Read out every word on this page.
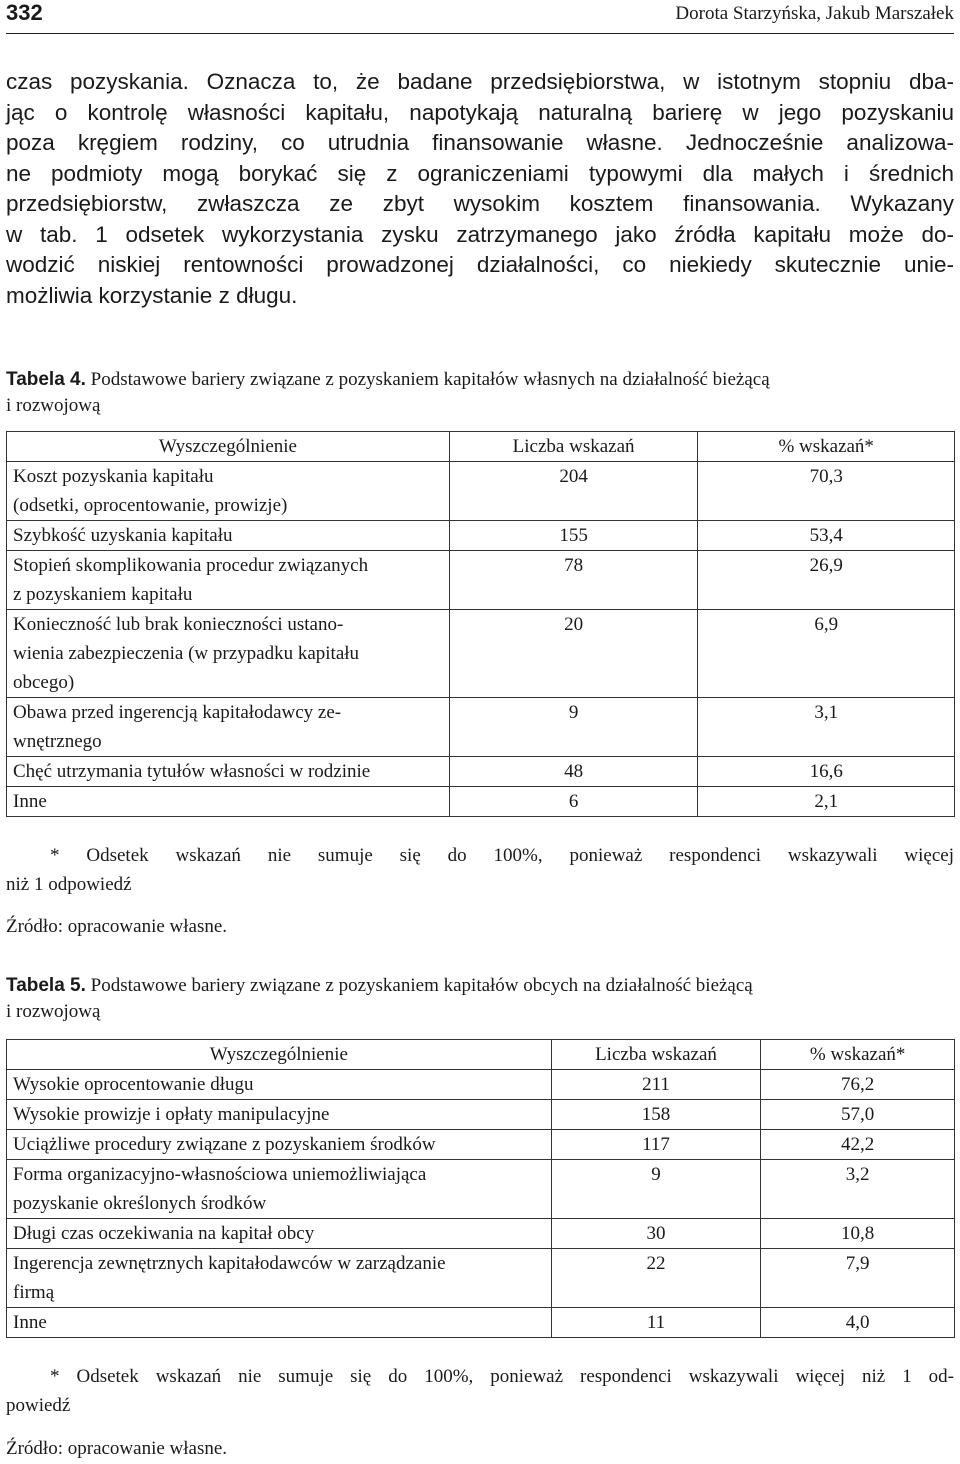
332	Dorota Starzyńska, Jakub Marszałek
czas pozyskania. Oznacza to, że badane przedsiębiorstwa, w istotnym stopniu dba-
jąc o kontrolę własności kapitału, napotykają naturalną barierę w jego pozyskaniu
poza kręgiem rodziny, co utrudnia finansowanie własne. Jednocześnie analizowa-
ne podmioty mogą borykać się z ograniczeniami typowymi dla małych i średnich
przedsiębiorstw, zwłaszcza ze zbyt wysokim kosztem finansowania. Wykazany
w tab. 1 odsetek wykorzystania zysku zatrzymanego jako źródła kapitału może do-
wodzić niskiej rentowności prowadzonej działalności, co niekiedy skutecznie unie-
możliwia korzystanie z długu.
Tabela 4. Podstawowe bariery związane z pozyskaniem kapitałów własnych na działalność bieżącą
i rozwojową
Wyszczególnienie	Liczba wskazań	% wskazań*

Koszt pozyskania kapitału
(odsetki, oprocentowanie, prowizje)	204	70,3

Szybkość uzyskania kapitału	155	53,4

Stopień skomplikowania procedur związanych
z pozyskaniem kapitału	78	26,9

Konieczność lub brak konieczności ustano-
wienia zabezpieczenia (w przypadku kapitału
obcego)	20	6,9

Obawa przed ingerencją kapitałodawcy ze-
wnętrznego	9	3,1

Chęć utrzymania tytułów własności w rodzinie	48	16,6

Inne	6	2,1
* Odsetek wskazań nie sumuje się do 100%, ponieważ respondenci wskazywali więcej
niż 1 odpowiedź
Źródło: opracowanie własne.
Tabela 5. Podstawowe bariery związane z pozyskaniem kapitałów obcych na działalność bieżącą
i rozwojową
Wyszczególnienie	Liczba wskazań	% wskazań*

Wysokie oprocentowanie długu	211	76,2

Wysokie prowizje i opłaty manipulacyjne	158	57,0

Uciążliwe procedury związane z pozyskaniem środków	117	42,2

Forma organizacyjno-własnościowa uniemożliwiająca
pozyskanie określonych środków	9	3,2

Długi czas oczekiwania na kapitał obcy	30	10,8

Ingerencja zewnętrznych kapitałodawców w zarządzanie
firmą	22	7,9

Inne	11	4,0
* Odsetek wskazań nie sumuje się do 100%, ponieważ respondenci wskazywali więcej niż 1 od-
powiedź
Źródło: opracowanie własne.
